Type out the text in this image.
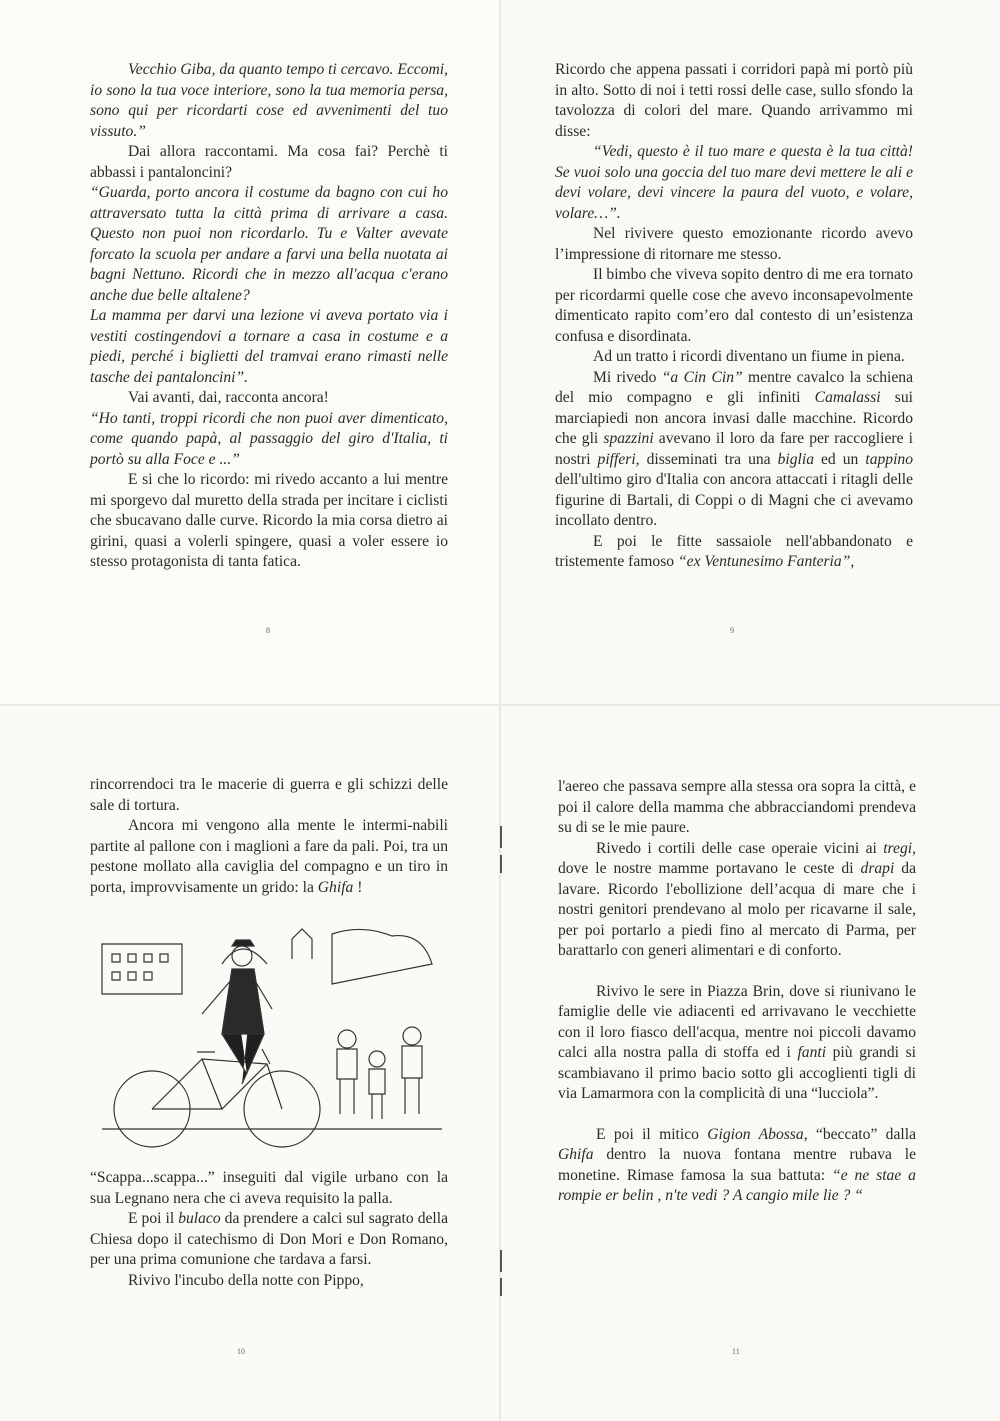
Vecchio Giba, da quanto tempo ti cercavo. Eccomi, io sono la tua voce interiore, sono la tua memoria persa, sono qui per ricordarti cose ed avvenimenti del tuo vissuto.”

Dai allora raccontami. Ma cosa fai? Perchè ti abbassi i pantaloncini?

“Guarda, porto ancora il costume da bagno con cui ho attraversato tutta la città prima di arrivare a casa. Questo non puoi non ricordarlo. Tu e Valter avevate forcato la scuola per andare a farvi una bella nuotata ai bagni Nettuno. Ricordi che in mezzo all'acqua c'erano anche due belle altalene?

La mamma per darvi una lezione vi aveva portato via i vestiti costingendovi a tornare a casa in costume e a piedi, perché i biglietti del tramvai erano rimasti nelle tasche dei pantaloncini”.

Vai avanti, dai, racconta ancora!

“Ho tanti, troppi ricordi che non puoi aver dimenticato, come quando papà, al passaggio del giro d'Italia, ti portò su alla Foce e ...”

E si che lo ricordo: mi rivedo accanto a lui mentre mi sporgevo dal muretto della strada per incitare i ciclisti che sbucavano dalle curve. Ricordo la mia corsa dietro ai girini, quasi a volerli spingere, quasi a voler essere io stesso protagonista di tanta fatica.

8

Ricordo che appena passati i corridori papà mi portò più in alto. Sotto di noi i tetti rossi delle case, sullo sfondo la tavolozza di colori del mare. Quando arrivammo mi disse:

“Vedi, questo è il tuo mare e questa è la tua città! Se vuoi solo una goccia del tuo mare devi mettere le ali e devi volare, devi vincere la paura del vuoto, e volare, volare…”.

Nel rivivere questo emozionante ricordo avevo l’impressione di ritornare me stesso.

Il bimbo che viveva sopito dentro di me era tornato per ricordarmi quelle cose che avevo inconsapevolmente dimenticato rapito com’ero dal contesto di un’esistenza confusa e disordinata.

Ad un tratto i ricordi diventano un fiume in piena.

Mi rivedo “a Cin Cin” mentre cavalco la schiena del mio compagno e gli infiniti Camalassi sui marciapiedi non ancora invasi dalle macchine. Ricordo che gli spazzini avevano il loro da fare per raccogliere i nostri pifferi, disseminati tra una biglia ed un tappino dell'ultimo giro d'Italia con ancora attaccati i ritagli delle figurine di Bartali, di Coppi o di Magni che ci avevamo incollato dentro.

E poi le fitte sassaiole nell'abbandonato e tristemente famoso “ex Ventunesimo Fanteria”,

9

rincorrendoci tra le macerie di guerra e gli schizzi delle sale di tortura.

Ancora mi vengono alla mente le intermi-nabili partite al pallone con i maglioni a fare da pali. Poi, tra un pestone mollato alla caviglia del compagno e un tiro in porta, improvvisamente un grido: la Ghifa !

“Scappa...scappa...” inseguiti dal vigile urbano con la sua Legnano nera che ci aveva requisito la palla.

E poi il bulaco da prendere a calci sul sagrato della Chiesa dopo il catechismo di Don Mori e Don Romano, per una prima comunione che tardava a farsi.

Rivivo l'incubo della notte con Pippo,

10

l'aereo che passava sempre alla stessa ora sopra la città, e poi il calore della mamma che abbracciandomi prendeva su di se le mie paure.

Rivedo i cortili delle case operaie vicini ai tregi, dove le nostre mamme portavano le ceste di drapi da lavare. Ricordo l'ebollizione dell’acqua di mare che i nostri genitori prendevano al molo per ricavarne il sale, per poi portarlo a piedi fino al mercato di Parma, per barattarlo con generi alimentari e di conforto.

Rivivo le sere in Piazza Brin, dove si riunivano le famiglie delle vie adiacenti ed arrivavano le vecchiette con il loro fiasco dell'acqua, mentre noi piccoli davamo calci alla nostra palla di stoffa ed i fanti più grandi si scambiavano il primo bacio sotto gli accoglienti tigli di via Lamarmora con la complicità di una “lucciola”.

E poi il mitico Gigion Abossa, “beccato” dalla Ghifa dentro la nuova fontana mentre rubava le monetine. Rimase famosa la sua battuta: “e ne stae a rompie er belin , n'te vedi ? A cangio mile lie ? “

11
